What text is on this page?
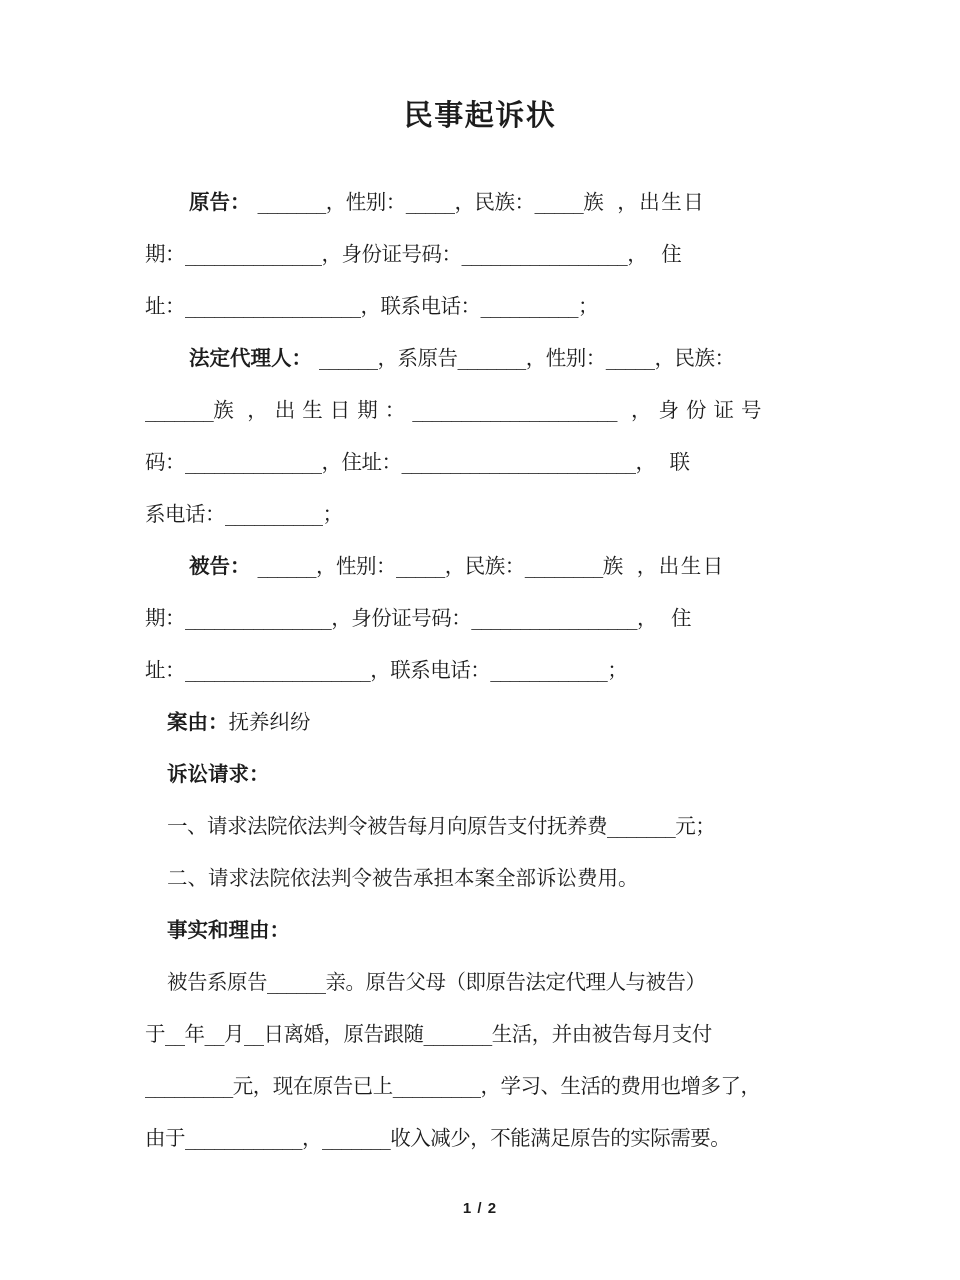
民事起诉状

原告： _______，性别：_____，民族：_____族 ，出生日

期：______________，身份证号码：_________________， 住

址：__________________，联系电话：__________；

法定代理人： ______，系原告_______，性别：_____，民族：

_______族 ，出生日期：_____________________ ，身份证号

码：______________，住址：________________________， 联

系电话：__________；

被告： ______，性别：_____，民族：________族 ，出生日

期：_______________，身份证号码：_________________， 住

址：___________________，联系电话：____________；

案由：抚养纠纷

诉讼请求：

一、请求法院依法判令被告每月向原告支付抚养费_______元；

二、请求法院依法判令被告承担本案全部诉讼费用。

事实和理由：

被告系原告______亲。原告父母（即原告法定代理人与被告）

于__年__月__日离婚，原告跟随_______生活，并由被告每月支付

_________元，现在原告已上_________，学习、生活的费用也增多了，

由于____________，_______收入减少，不能满足原告的实际需要。

1 / 2
